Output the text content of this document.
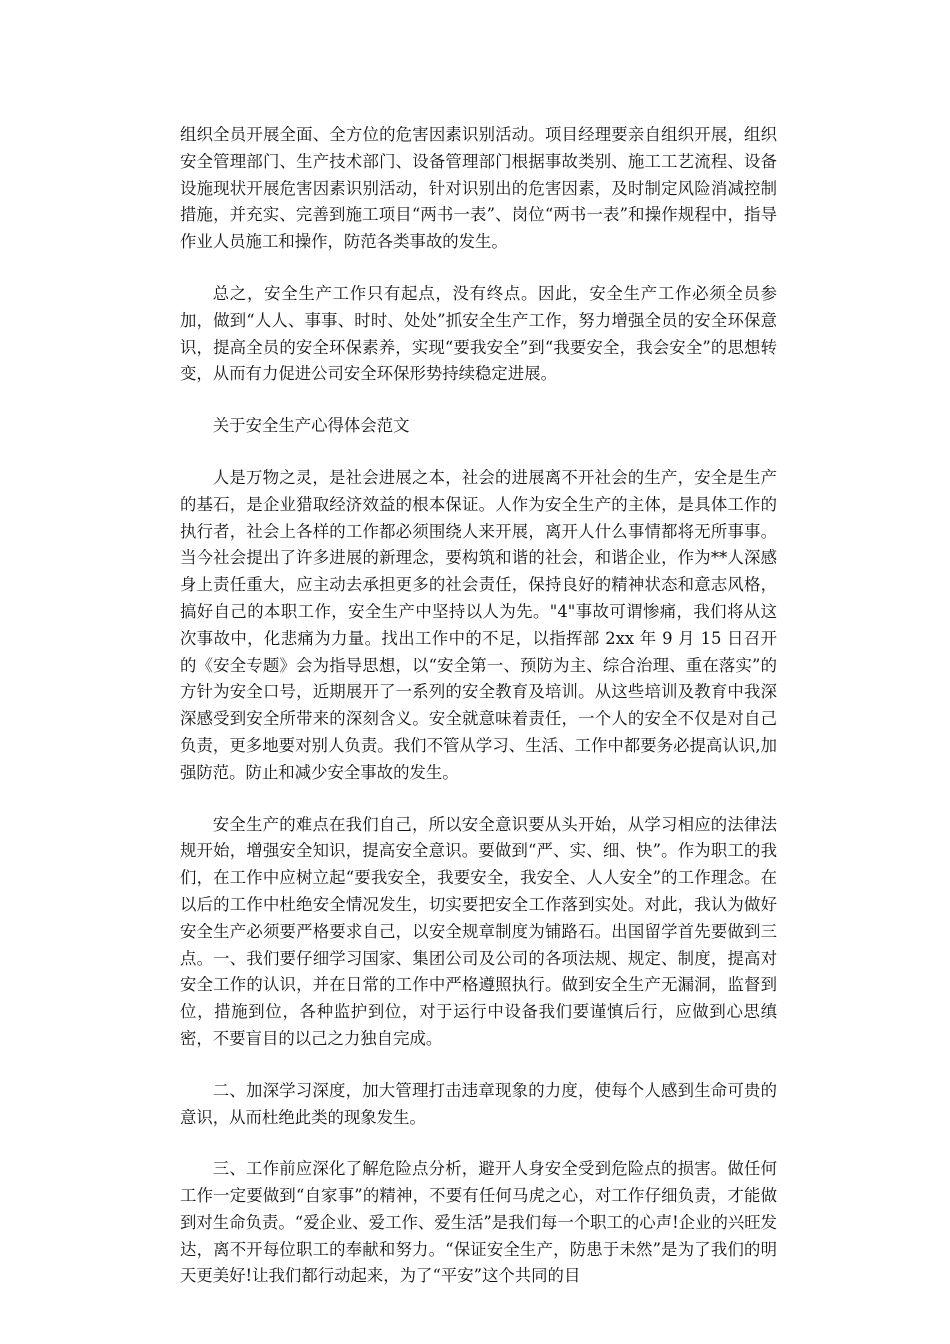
组织全员开展全面、全方位的危害因素识别活动。项目经理要亲自组织开展，组织安全管理部门、生产技术部门、设备管理部门根据事故类别、施工工艺流程、设备设施现状开展危害因素识别活动，针对识别出的危害因素，及时制定风险消减控制措施，并充实、完善到施工项目“两书一表”、岗位“两书一表”和操作规程中，指导作业人员施工和操作，防范各类事故的发生。

总之，安全生产工作只有起点，没有终点。因此，安全生产工作必须全员参加，做到“人人、事事、时时、处处”抓安全生产工作，努力增强全员的安全环保意识，提高全员的安全环保素养，实现“要我安全”到“我要安全，我会安全”的思想转变，从而有力促进公司安全环保形势持续稳定进展。

关于安全生产心得体会范文

人是万物之灵，是社会进展之本，社会的进展离不开社会的生产，安全是生产的基石，是企业猎取经济效益的根本保证。人作为安全生产的主体，是具体工作的执行者，社会上各样的工作都必须围绕人来开展，离开人什么事情都将无所事事。当今社会提出了许多进展的新理念，要构筑和谐的社会，和谐企业，作为**人深感身上责任重大，应主动去承担更多的社会责任，保持良好的精神状态和意志风格，搞好自己的本职工作，安全生产中坚持以人为先。"4"事故可谓惨痛，我们将从这次事故中，化悲痛为力量。找出工作中的不足，以指挥部 2xx 年 9 月 15 日召开的《安全专题》会为指导思想，以“安全第一、预防为主、综合治理、重在落实”的方针为安全口号，近期展开了一系列的安全教育及培训。从这些培训及教育中我深深感受到安全所带来的深刻含义。安全就意味着责任，一个人的安全不仅是对自己负责，更多地要对别人负责。我们不管从学习、生活、工作中都要务必提高认识,加强防范。防止和减少安全事故的发生。

安全生产的难点在我们自己，所以安全意识要从头开始，从学习相应的法律法规开始，增强安全知识，提高安全意识。要做到“严、实、细、快”。作为职工的我们，在工作中应树立起“要我安全，我要安全，我安全、人人安全”的工作理念。在以后的工作中杜绝安全情况发生，切实要把安全工作落到实处。对此，我认为做好安全生产必须要严格要求自己，以安全规章制度为铺路石。出国留学首先要做到三点。一、我们要仔细学习国家、集团公司及公司的各项法规、规定、制度，提高对安全工作的认识，并在日常的工作中严格遵照执行。做到安全生产无漏洞，监督到位，措施到位，各种监护到位，对于运行中设备我们要谨慎后行，应做到心思缜密，不要盲目的以己之力独自完成。

二、加深学习深度，加大管理打击违章现象的力度，使每个人感到生命可贵的意识，从而杜绝此类的现象发生。

三、工作前应深化了解危险点分析，避开人身安全受到危险点的损害。做任何工作一定要做到“自家事”的精神，不要有任何马虎之心，对工作仔细负责，才能做到对生命负责。“爱企业、爱工作、爱生活”是我们每一个职工的心声!企业的兴旺发达，离不开每位职工的奉献和努力。“保证安全生产，防患于未然”是为了我们的明天更美好!让我们都行动起来，为了“平安”这个共同的目
